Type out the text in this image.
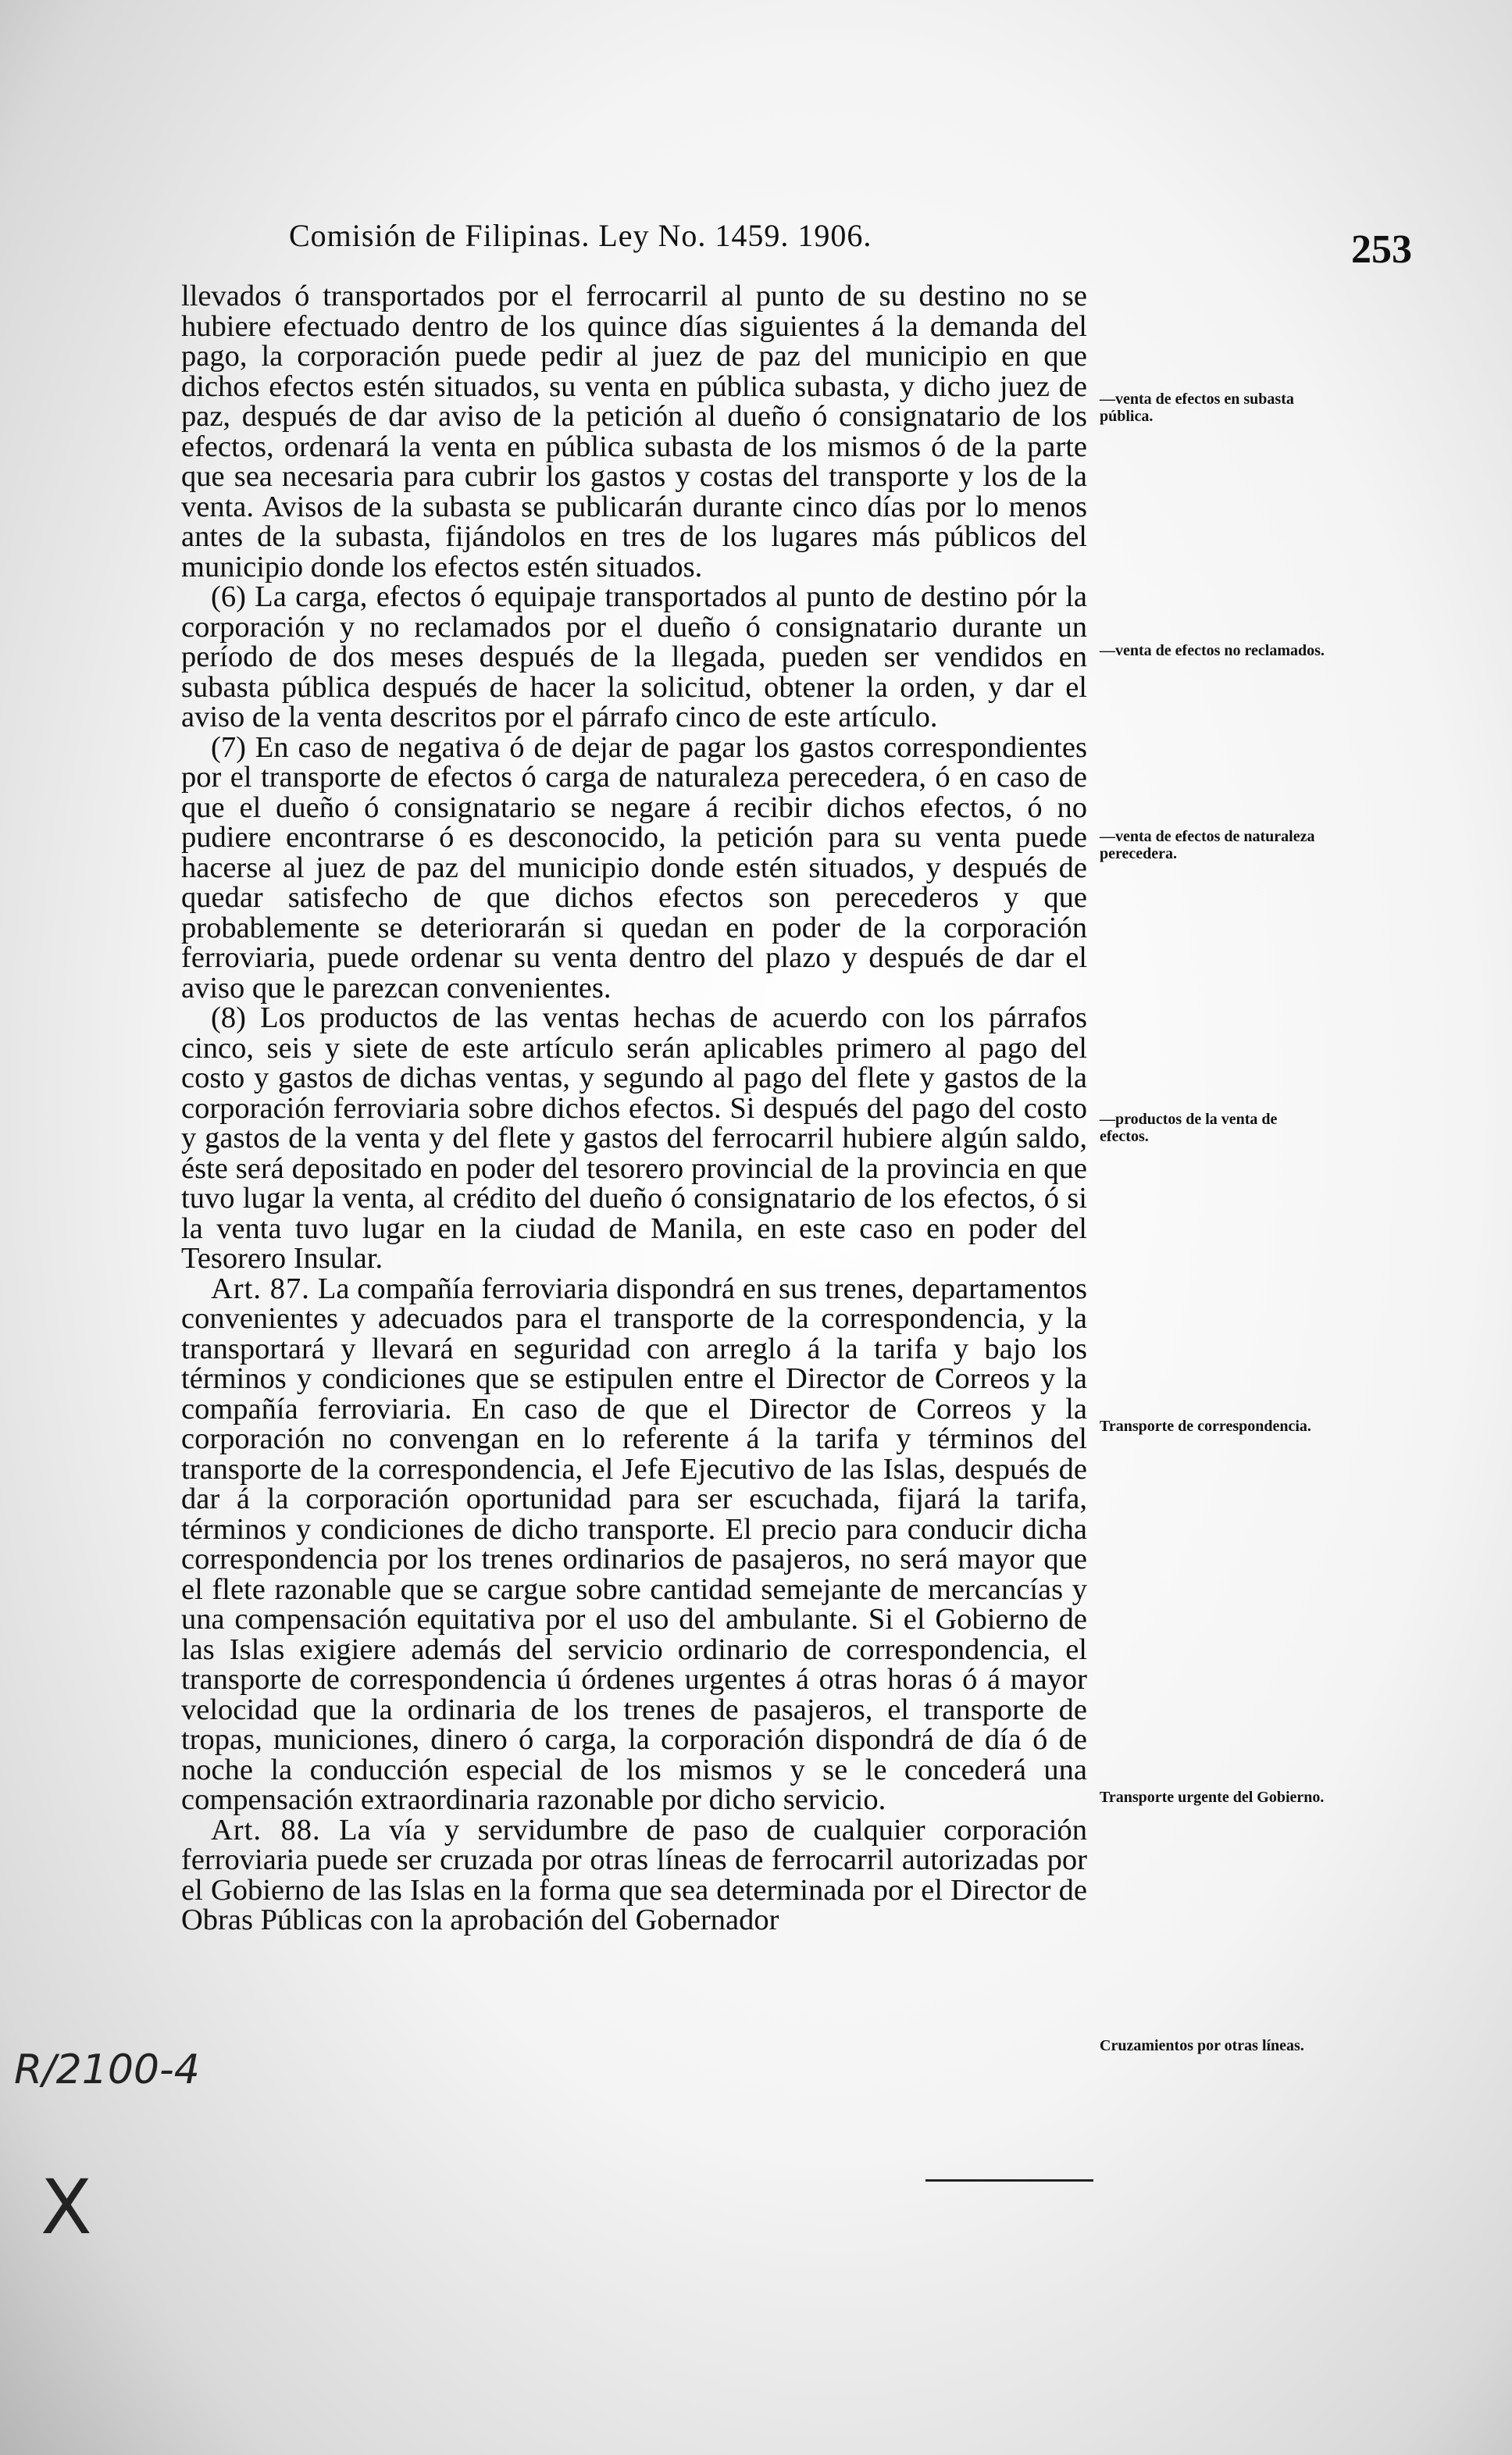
Comisión de Filipinas. Ley No. 1459. 1906.	253

llevados ó transportados por el ferrocarril al punto de su destino no se hubiere efectuado dentro de los quince días siguientes á la demanda del pago, la corporación puede pedir al juez de paz del municipio en que dichos efectos estén situados, su venta en pública subasta, y dicho juez de paz, después de dar aviso de la petición al dueño ó consignatario de los efectos, ordenará la venta en pública subasta de los mismos ó de la parte que sea necesaria para cubrir los gastos y costas del transporte y los de la venta. Avisos de la subasta se publicarán durante cinco días por lo menos antes de la subasta, fijándolos en tres de los lugares más públicos del municipio donde los efectos estén situados.

(6) La carga, efectos ó equipaje transportados al punto de destino pór la corporación y no reclamados por el dueño ó consignatario durante un período de dos meses después de la llegada, pueden ser vendidos en subasta pública después de hacer la solicitud, obtener la orden, y dar el aviso de la venta descritos por el párrafo cinco de este artículo.

(7) En caso de negativa ó de dejar de pagar los gastos correspondientes por el transporte de efectos ó carga de naturaleza perecedera, ó en caso de que el dueño ó consignatario se negare á recibir dichos efectos, ó no pudiere encontrarse ó es desconocido, la petición para su venta puede hacerse al juez de paz del municipio donde estén situados, y después de quedar satisfecho de que dichos efectos son perecederos y que probablemente se deteriorarán si quedan en poder de la corporación ferroviaria, puede ordenar su venta dentro del plazo y después de dar el aviso que le parezcan convenientes.

(8) Los productos de las ventas hechas de acuerdo con los párrafos cinco, seis y siete de este artículo serán aplicables primero al pago del costo y gastos de dichas ventas, y segundo al pago del flete y gastos de la corporación ferroviaria sobre dichos efectos. Si después del pago del costo y gastos de la venta y del flete y gastos del ferrocarril hubiere algún saldo, éste será depositado en poder del tesorero provincial de la provincia en que tuvo lugar la venta, al crédito del dueño ó consignatario de los efectos, ó si la venta tuvo lugar en la ciudad de Manila, en este caso en poder del Tesorero Insular.

Art. 87. La compañía ferroviaria dispondrá en sus trenes, departamentos convenientes y adecuados para el transporte de la correspondencia, y la transportará y llevará en seguridad con arreglo á la tarifa y bajo los términos y condiciones que se estipulen entre el Director de Correos y la compañía ferroviaria. En caso de que el Director de Correos y la corporación no convengan en lo referente á la tarifa y términos del transporte de la correspondencia, el Jefe Ejecutivo de las Islas, después de dar á la corporación oportunidad para ser escuchada, fijará la tarifa, términos y condiciones de dicho transporte. El precio para conducir dicha correspondencia por los trenes ordinarios de pasajeros, no será mayor que el flete razonable que se cargue sobre cantidad semejante de mercancías y una compensación equitativa por el uso del ambulante. Si el Gobierno de las Islas exigiere además del servicio ordinario de correspondencia, el transporte de correspondencia ú órdenes urgentes á otras horas ó á mayor velocidad que la ordinaria de los trenes de pasajeros, el transporte de tropas, municiones, dinero ó carga, la corporación dispondrá de día ó de noche la conducción especial de los mismos y se le concederá una compensación extraordinaria razonable por dicho servicio.

Art. 88. La vía y servidumbre de paso de cualquier corporación ferroviaria puede ser cruzada por otras líneas de ferrocarril autorizadas por el Gobierno de las Islas en la forma que sea determinada por el Director de Obras Públicas con la aprobación del Gobernador

—venta de efectos en subasta pública.
—venta de efectos no reclamados.
—venta de efectos de naturaleza perecedera.
—productos de la venta de efectos.
Transporte de correspondencia.
Transporte urgente del Gobierno.
Cruzamientos por otras líneas.
R/2100-4
X
